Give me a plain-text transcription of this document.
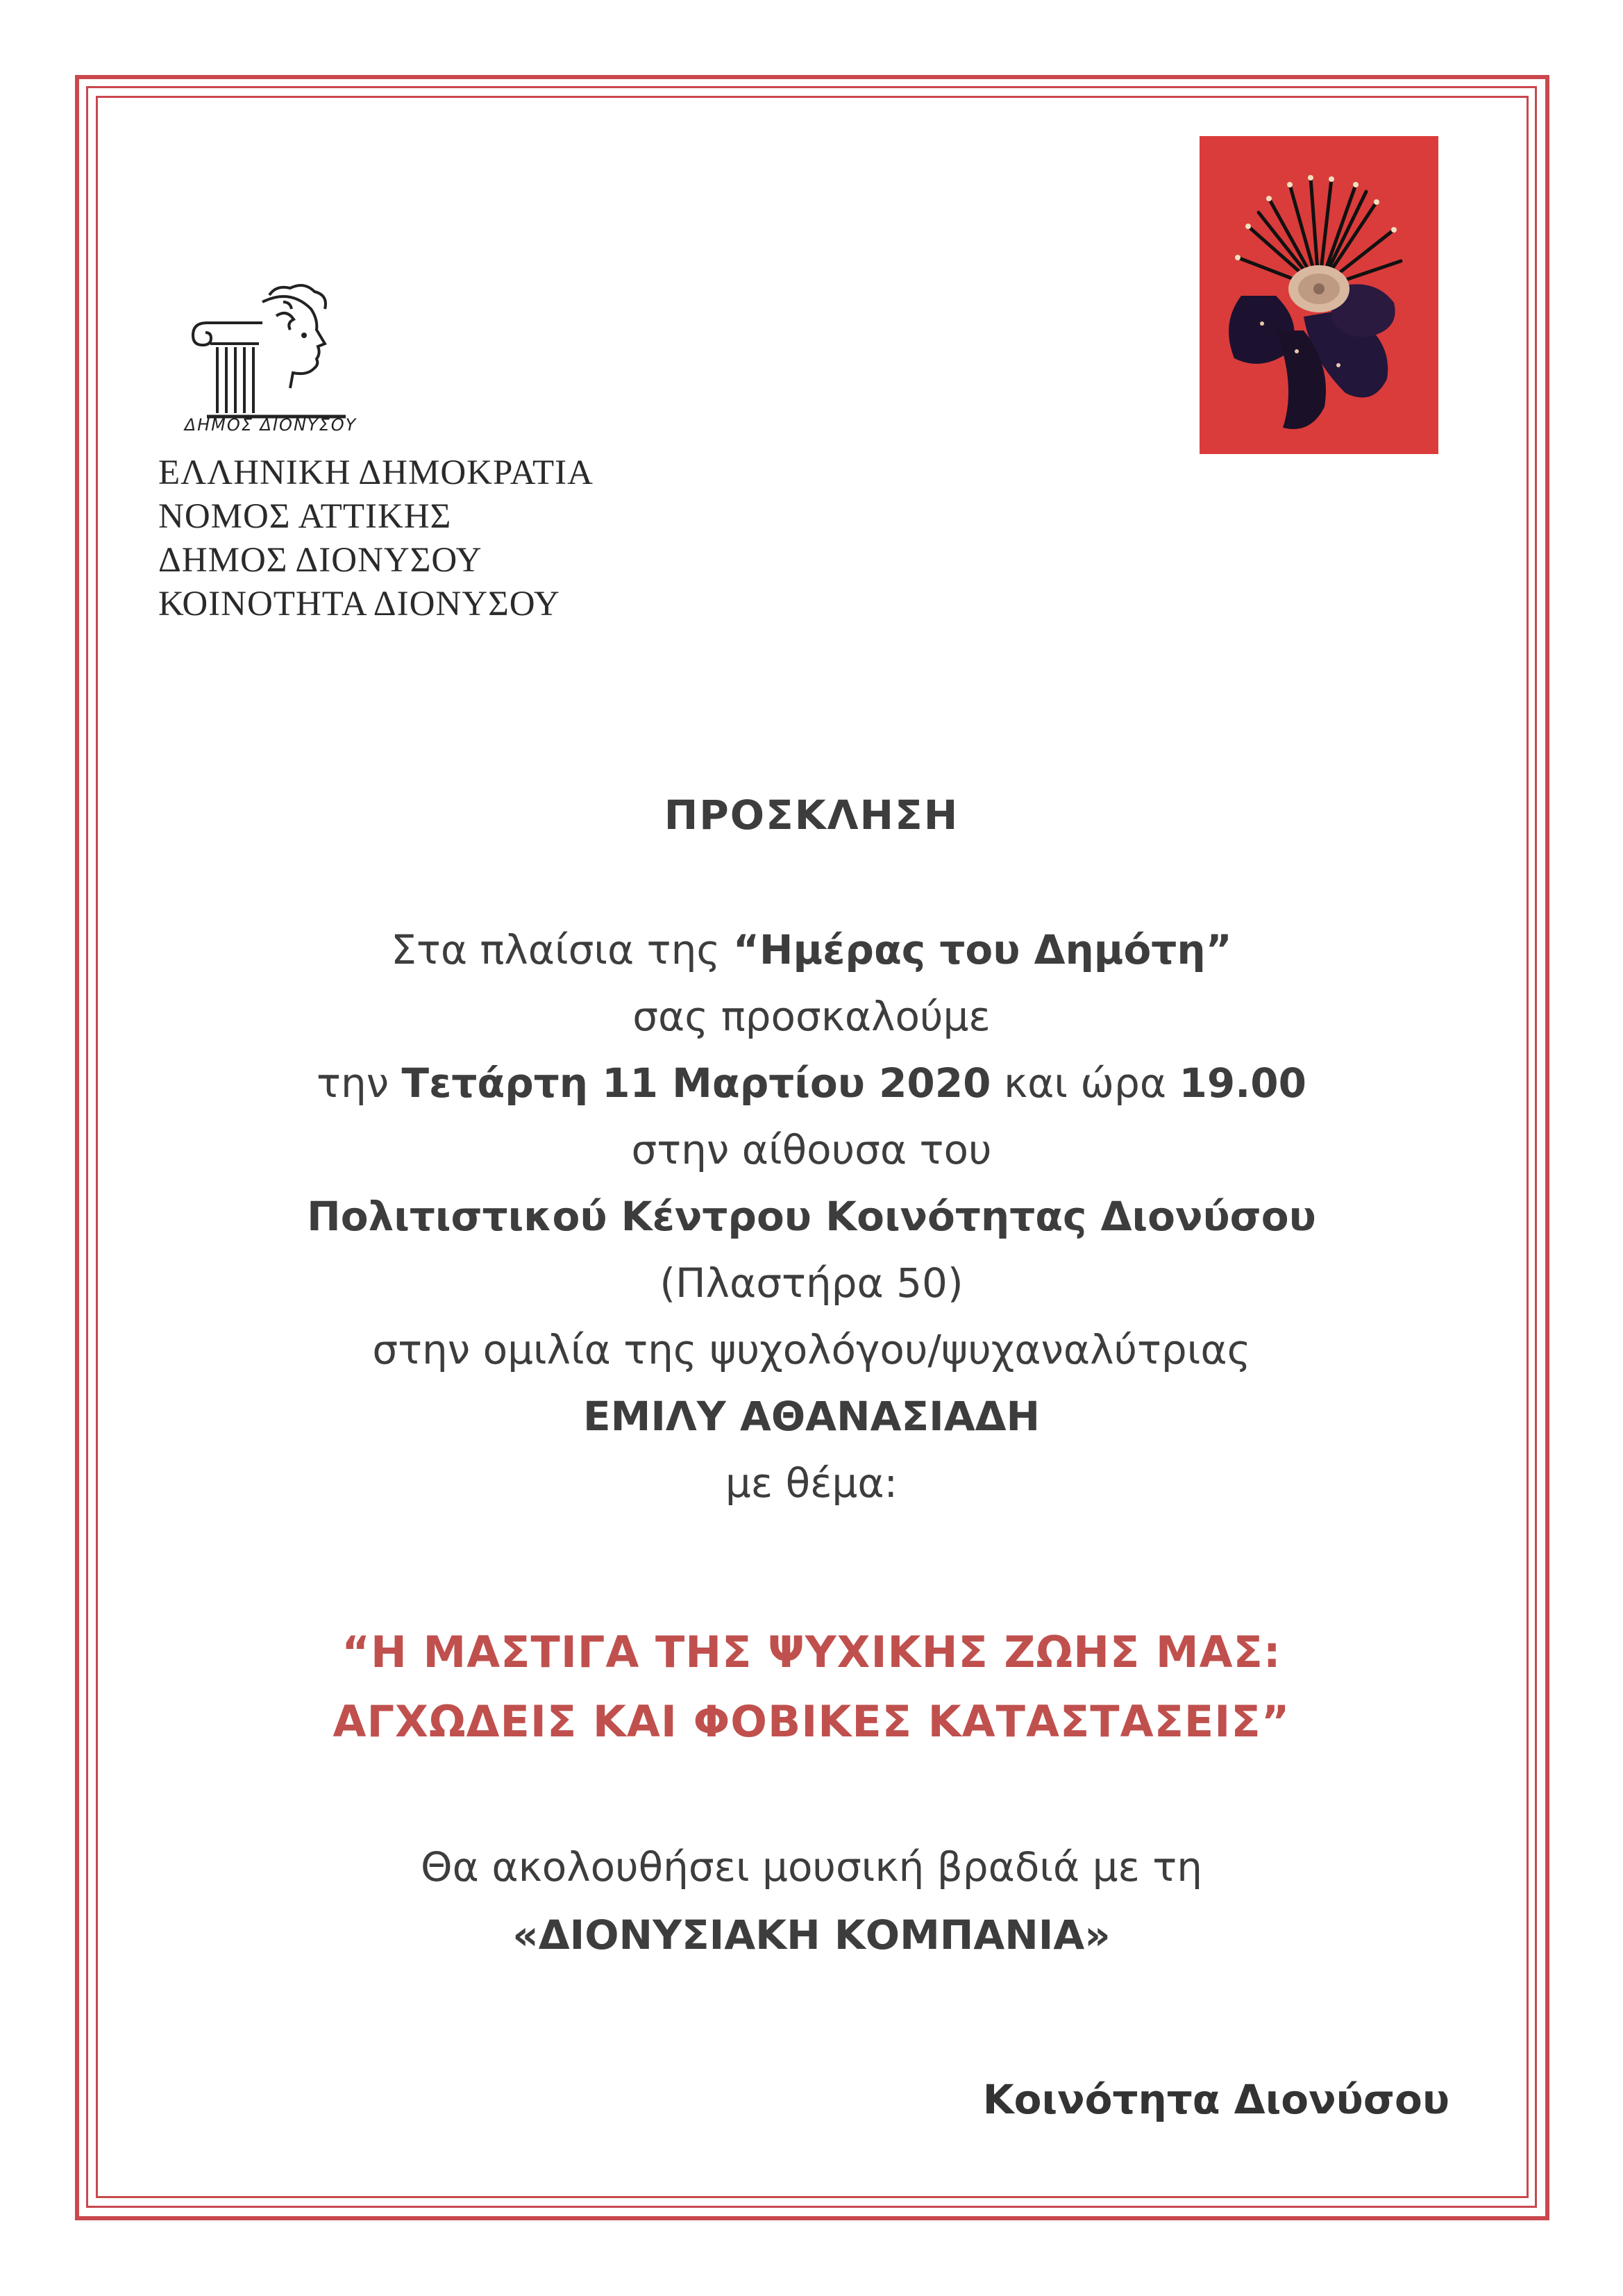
ΔΗΜΟΣ ΔΙΟΝΥΣΟΥ
ΕΛΛΗΝΙΚΗ ΔΗΜΟΚΡΑΤΙΑ
ΝΟΜΟΣ ΑΤΤΙΚΗΣ
ΔΗΜΟΣ ΔΙΟΝΥΣΟΥ
ΚΟΙΝΟΤΗΤΑ ΔΙΟΝΥΣΟΥ
ΠΡΟΣΚΛΗΣΗ
Στα πλαίσια της “Ημέρας του Δημότη”
σας προσκαλούμε
την Τετάρτη 11 Μαρτίου 2020 και ώρα 19.00
στην αίθουσα του
Πολιτιστικού Κέντρου Κοινότητας Διονύσου
(Πλαστήρα 50)
στην ομιλία της ψυχολόγου/ψυχαναλύτριας
ΕΜΙΛΥ ΑΘΑΝΑΣΙΑΔΗ
με θέμα:
“Η ΜΑΣΤΙΓΑ ΤΗΣ ΨΥΧΙΚΗΣ ΖΩΗΣ ΜΑΣ:
ΑΓΧΩΔΕΙΣ ΚΑΙ ΦΟΒΙΚΕΣ ΚΑΤΑΣΤΑΣΕΙΣ”
Θα ακολουθήσει μουσική βραδιά με τη
«ΔΙΟΝΥΣΙΑΚΗ ΚΟΜΠΑΝΙΑ»
Κοινότητα Διονύσου
